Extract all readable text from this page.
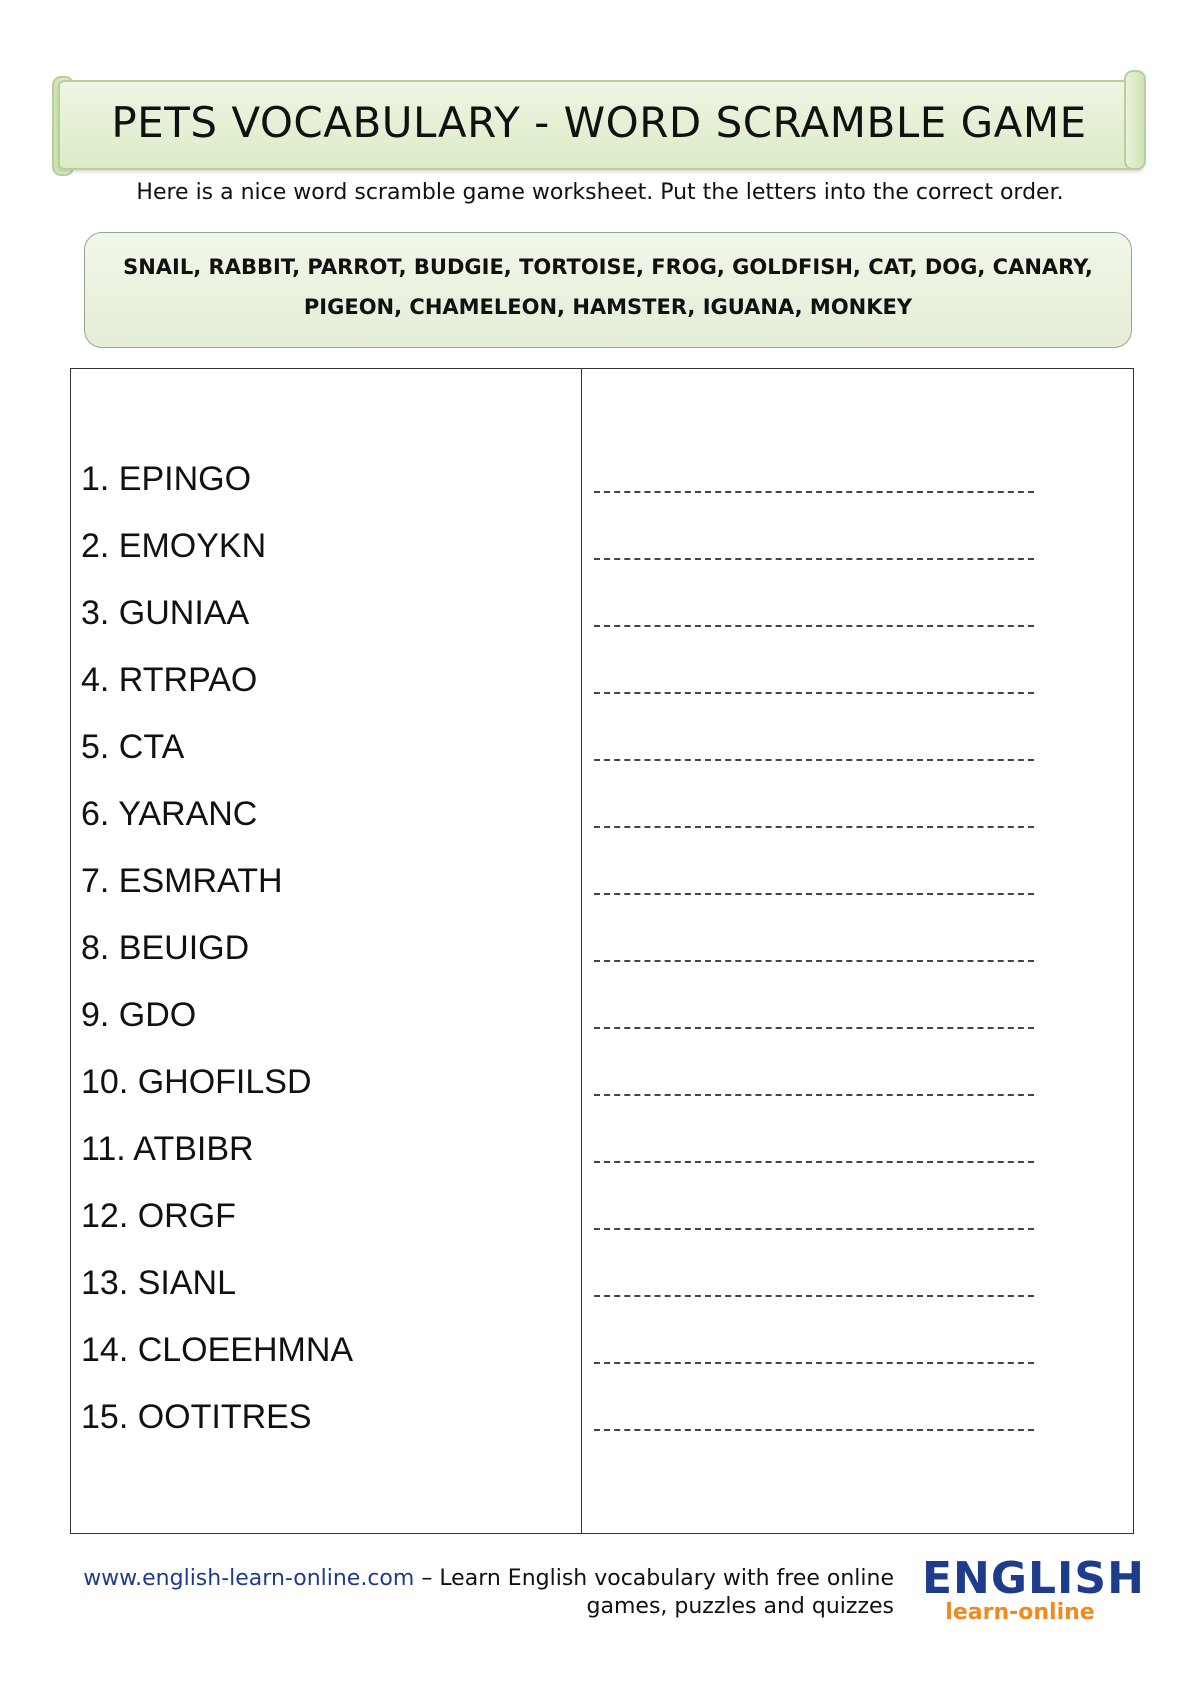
PETS VOCABULARY - WORD SCRAMBLE GAME
Here is a nice word scramble game worksheet. Put the letters into the correct order.
SNAIL, RABBIT, PARROT, BUDGIE, TORTOISE, FROG, GOLDFISH, CAT, DOG, CANARY,
PIGEON, CHAMELEON, HAMSTER, IGUANA, MONKEY
1. EPINGO
2. EMOYKN
3. GUNIAA
4. RTRPAO
5. CTA
6. YARANC
7. ESMRATH
8. BEUIGD
9. GDO
10. GHOFILSD
11. ATBIBR
12. ORGF
13. SIANL
14. CLOEEHMNA
15. OOTITRES
www.english-learn-online.com – Learn English vocabulary with free online
games, puzzles and quizzes
ENGLISH
learn-online
